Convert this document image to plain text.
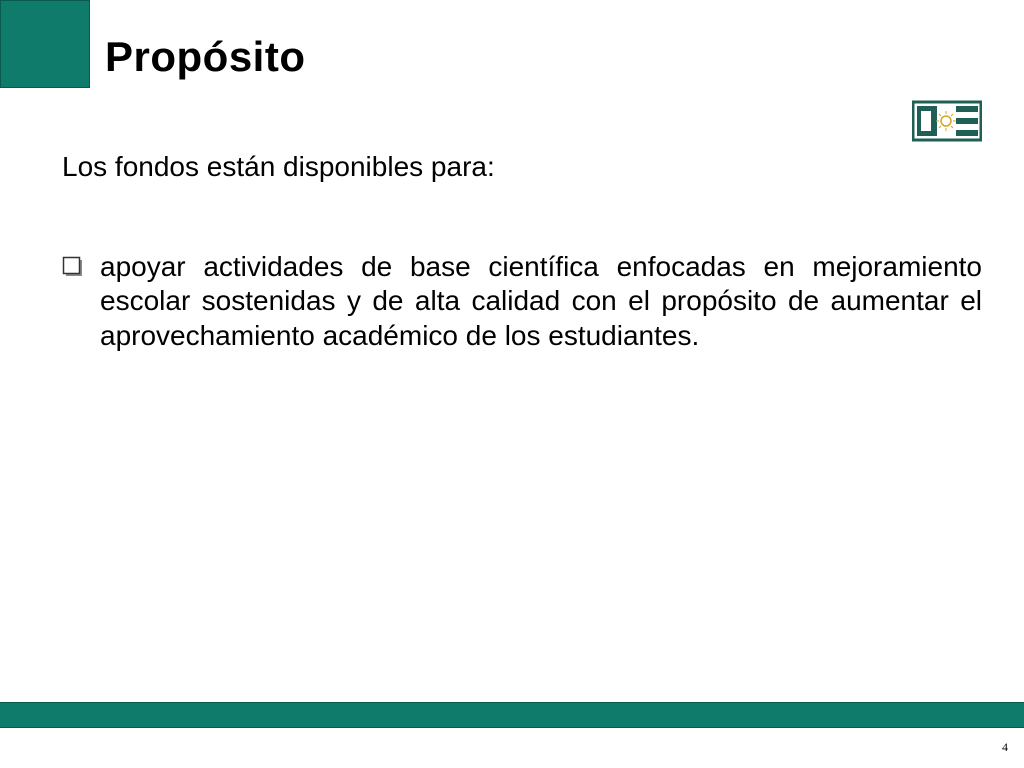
Propósito

Los fondos están disponibles para:

apoyar actividades de base científica enfocadas en mejoramiento escolar sostenidas y de alta calidad con el propósito de aumentar el aprovechamiento académico de los estudiantes.

4
